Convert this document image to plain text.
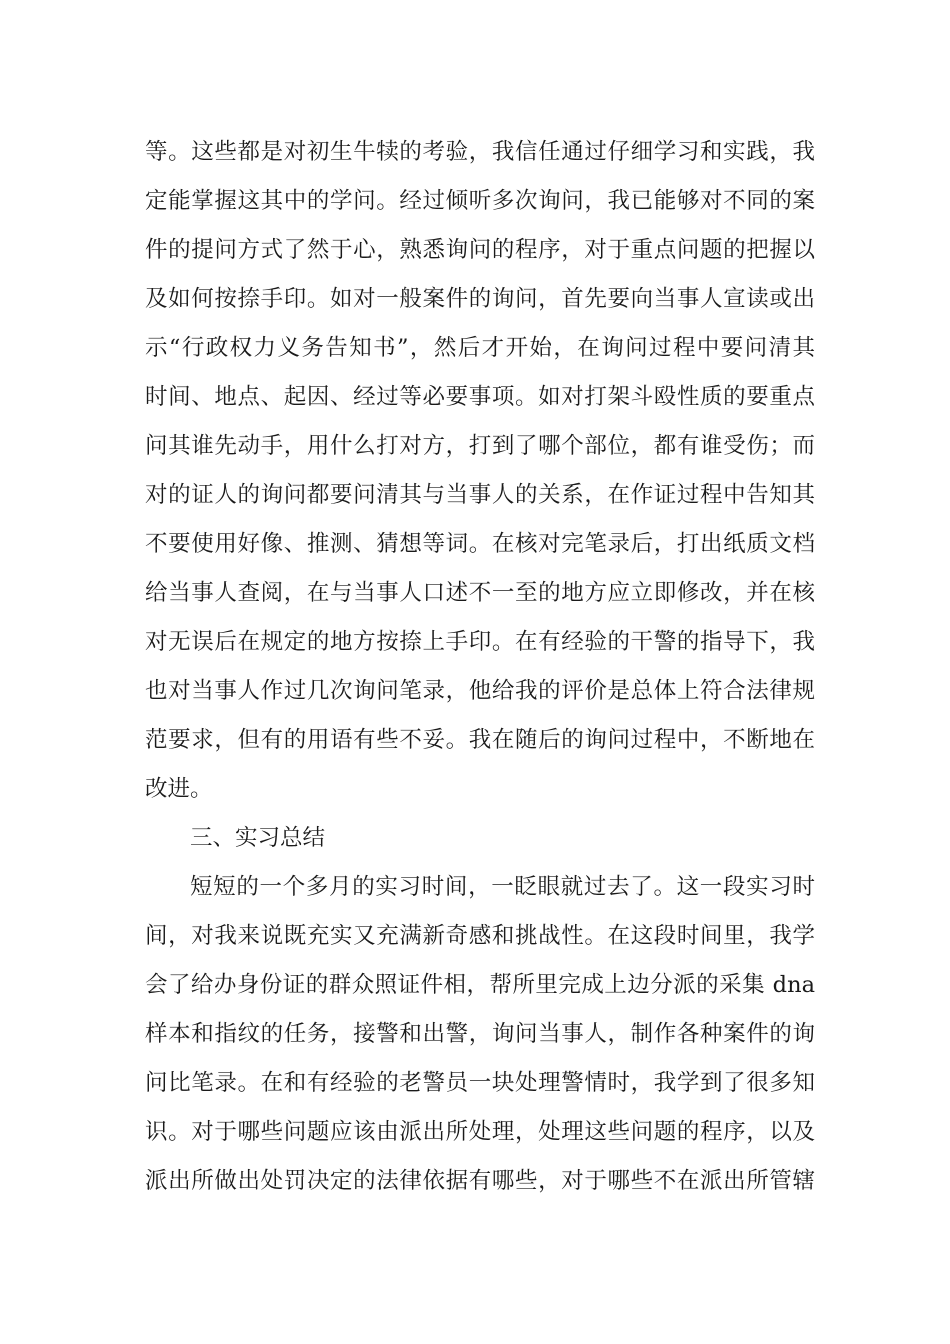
等。这些都是对初生牛犊的考验，我信任通过仔细学习和实践，我
定能掌握这其中的学问。经过倾听多次询问，我已能够对不同的案
件的提问方式了然于心，熟悉询问的程序，对于重点问题的把握以
及如何按捺手印。如对一般案件的询问，首先要向当事人宣读或出
示“行政权力义务告知书”，然后才开始，在询问过程中要问清其
时间、地点、起因、经过等必要事项。如对打架斗殴性质的要重点
问其谁先动手，用什么打对方，打到了哪个部位，都有谁受伤；而
对的证人的询问都要问清其与当事人的关系，在作证过程中告知其
不要使用好像、推测、猜想等词。在核对完笔录后，打出纸质文档
给当事人查阅，在与当事人口述不一至的地方应立即修改，并在核
对无误后在规定的地方按捺上手印。在有经验的干警的指导下，我
也对当事人作过几次询问笔录，他给我的评价是总体上符合法律规
范要求，但有的用语有些不妥。我在随后的询问过程中，不断地在
改进。
三、实习总结
短短的一个多月的实习时间，一眨眼就过去了。这一段实习时
间，对我来说既充实又充满新奇感和挑战性。在这段时间里，我学
会了给办身份证的群众照证件相，帮所里完成上边分派的采集 dna
样本和指纹的任务，接警和出警，询问当事人，制作各种案件的询
问比笔录。在和有经验的老警员一块处理警情时，我学到了很多知
识。对于哪些问题应该由派出所处理，处理这些问题的程序，以及
派出所做出处罚决定的法律依据有哪些，对于哪些不在派出所管辖
